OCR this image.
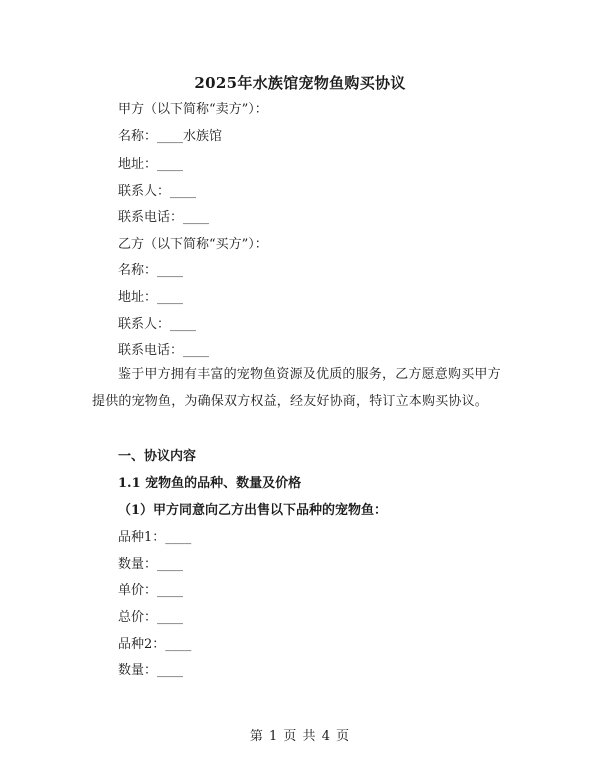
2025年水族馆宠物鱼购买协议
甲方（以下简称“卖方”）：
名称：____水族馆
地址：____
联系人：____
联系电话：____
乙方（以下简称“买方”）：
名称：____
地址：____
联系人：____
联系电话：____
鉴于甲方拥有丰富的宠物鱼资源及优质的服务，乙方愿意购买甲方提供的宠物鱼，为确保双方权益，经友好协商，特订立本购买协议。
一、协议内容
1.1 宠物鱼的品种、数量及价格
（1）甲方同意向乙方出售以下品种的宠物鱼：
品种1：____
数量：____
单价：____
总价：____
品种2：____
数量：____
第 1 页 共 4 页
